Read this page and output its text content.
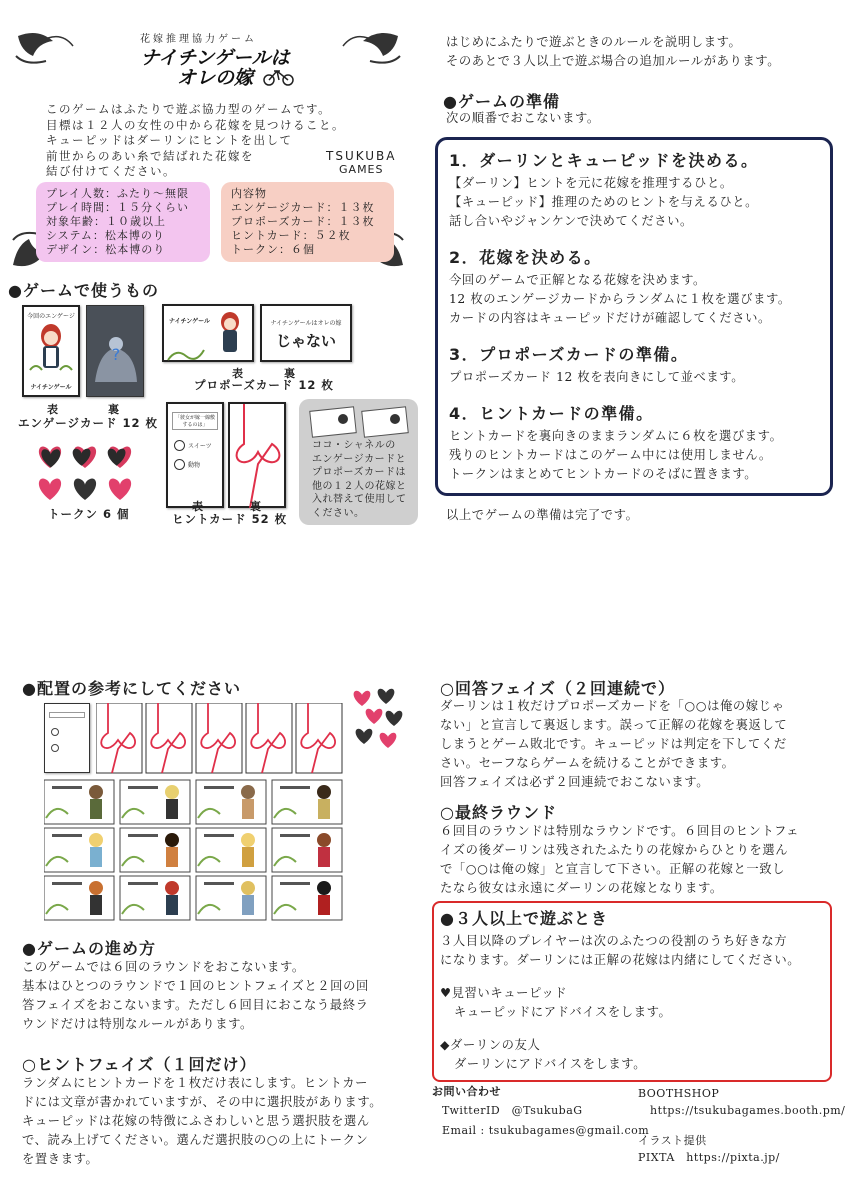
花嫁推理協力ゲーム
ナイチンゲールは
オレの嫁
このゲームはふたりで遊ぶ協力型のゲームです。
目標は１２人の女性の中から花嫁を見つけること。
キューピッドはダーリンにヒントを出して
前世からのあい糸で結ばれた花嫁を
結び付けてください。
TSUKUBA
GAMES
プレイ人数：ふたり～無限
プレイ時間：１５分くらい
対象年齢：１０歳以上
システム：松本博のり
デザイン：松本博のり
内容物
エンゲージカード：１３枚
プロポーズカード：１３枚
ヒントカード：５２枚
トークン：６個
●ゲームで使うもの
今回のエンゲージ
ナイチンゲール
?
表	裏
エンゲージカード 12 枚
ナイチンゲール	ナイチンゲールはオレの嫁
じゃない
表	裏
プロポーズカード 12 枚
トークン 6 個
「彼女が嫁一線敷するのは」
スイーツ
動物
表	裏
ヒントカード 52 枚
ココ・シャネルの
エンゲージカードと
プロポーズカードは
他の１２人の花嫁と
入れ替えて使用して
ください。

はじめにふたりで遊ぶときのルールを説明します。

そのあとで３人以上で遊ぶ場合の追加ルールがあります。

●ゲームの準備
次の順番でおこないます。
1．ダーリンとキューピッドを決める。

【ダーリン】ヒントを元に花嫁を推理するひと。

【キューピッド】推理のためのヒントを与えるひと。

話し合いやジャンケンで決めてください。

2．花嫁を決める。

今回のゲームで正解となる花嫁を決めます。

12 枚のエンゲージカードからランダムに１枚を選びます。

カードの内容はキューピッドだけが確認してください。

3．プロポーズカードの準備。

プロポーズカード 12 枚を表向きにして並べます。

4．ヒントカードの準備。

ヒントカードを裏向きのままランダムに６枚を選びます。

残りのヒントカードはこのゲーム中には使用しません。

トークンはまとめてヒントカードのそばに置きます。

以上でゲームの準備は完了です。
●配置の参考にしてください
●ゲームの進め方

このゲームでは６回のラウンドをおこないます。

基本はひとつのラウンドで１回のヒントフェイズと２回の回

答フェイズをおこないます。ただし６回目におこなう最終ラ

ウンドだけは特別なルールがあります。

○ヒントフェイズ（１回だけ）

ランダムにヒントカードを１枚だけ表にします。ヒントカー

ドには文章が書かれていますが、その中に選択肢があります。

キューピッドは花嫁の特徴にふさわしいと思う選択肢を選ん

で、読み上げてください。選んだ選択肢の○の上にトークン

を置きます。

○回答フェイズ（２回連続で）

ダーリンは１枚だけプロポーズカードを「○○は俺の嫁じゃ

ない」と宣言して裏返します。誤って正解の花嫁を裏返して

しまうとゲーム敗北です。キューピッドは判定を下してくだ

さい。セーフならゲームを続けることができます。

回答フェイズは必ず２回連続でおこないます。

○最終ラウンド

６回目のラウンドは特別なラウンドです。６回目のヒントフェ

イズの後ダーリンは残されたふたりの花嫁からひとりを選ん

で「○○は俺の嫁」と宣言して下さい。正解の花嫁と一致し

たなら彼女は永遠にダーリンの花嫁となります。

●３人以上で遊ぶとき

３人目以降のプレイヤーは次のふたつの役割のうち好きな方

になります。ダーリンには正解の花嫁は内緒にしてください。

♥見習いキューピッド

キューピッドにアドバイスをします。

◆ダーリンの友人

ダーリンにアドバイスをします。

お問い合わせ
TwitterID　@TsukubaG
Email : tsukubagames@gmail.com
BOOTHSHOP
https://tsukubagames.booth.pm/
イラスト提供
PIXTA　https://pixta.jp/
